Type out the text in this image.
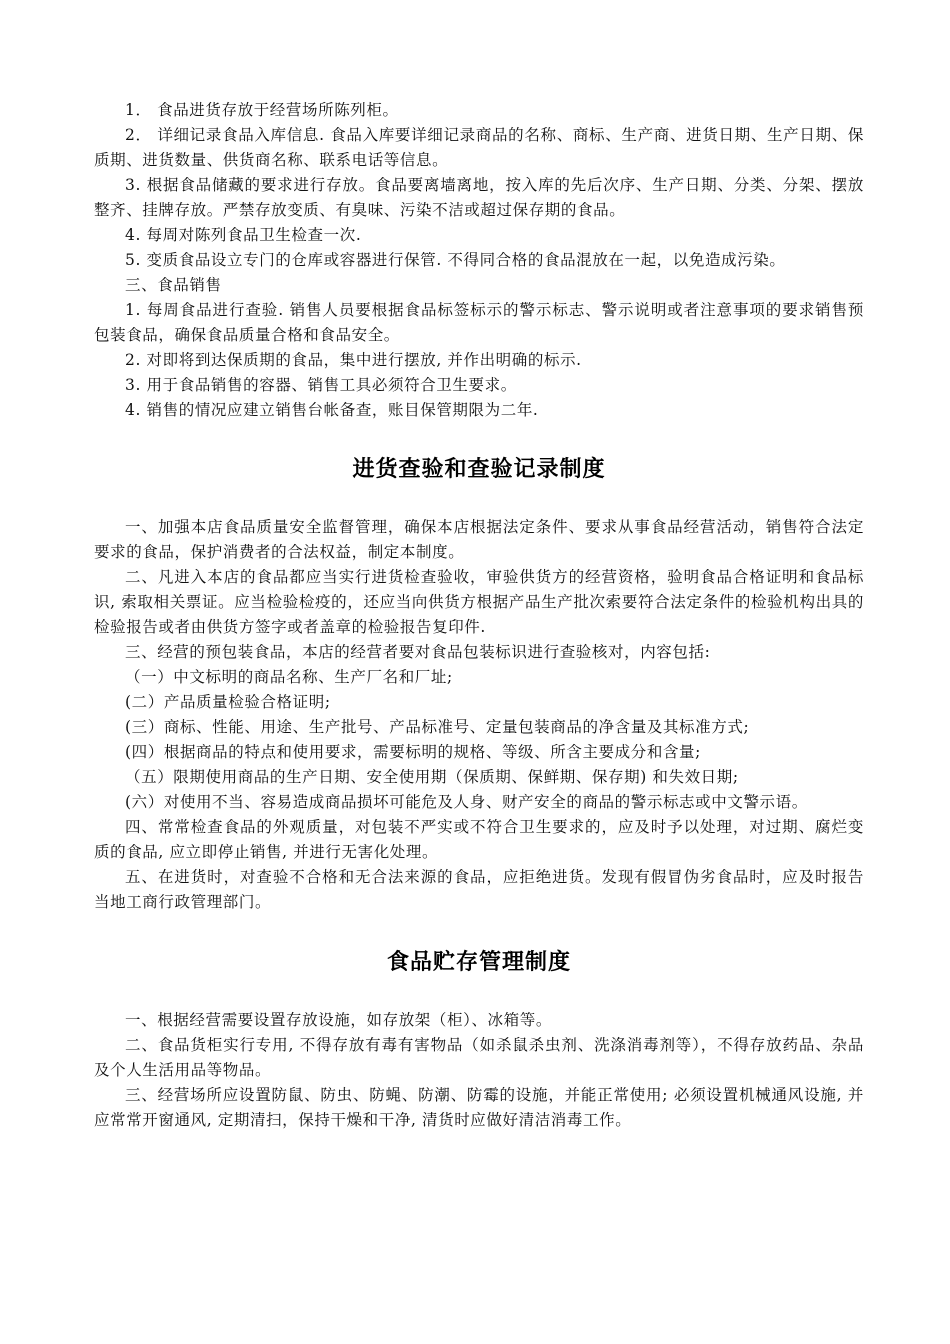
1． 食品进货存放于经营场所陈列柜。

2． 详细记录食品入库信息. 食品入库要详细记录商品的名称、商标、生产商、进货日期、生产日期、保质期、进货数量、供货商名称、联系电话等信息。

3. 根据食品储藏的要求进行存放。食品要离墙离地，按入库的先后次序、生产日期、分类、分架、摆放整齐、挂牌存放。严禁存放变质、有臭味、污染不洁或超过保存期的食品。

4. 每周对陈列食品卫生检查一次.

5. 变质食品设立专门的仓库或容器进行保管. 不得同合格的食品混放在一起，以免造成污染。

三、食品销售

1. 每周食品进行查验. 销售人员要根据食品标签标示的警示标志、警示说明或者注意事项的要求销售预包装食品，确保食品质量合格和食品安全。

2. 对即将到达保质期的食品，集中进行摆放, 并作出明确的标示.

3. 用于食品销售的容器、销售工具必须符合卫生要求。

4. 销售的情况应建立销售台帐备查，账目保管期限为二年.

进货查验和查验记录制度

一、加强本店食品质量安全监督管理，确保本店根据法定条件、要求从事食品经营活动，销售符合法定要求的食品，保护消费者的合法权益，制定本制度。

二、凡进入本店的食品都应当实行进货检查验收，审验供货方的经营资格，验明食品合格证明和食品标识, 索取相关票证。应当检验检疫的，还应当向供货方根据产品生产批次索要符合法定条件的检验机构出具的检验报告或者由供货方签字或者盖章的检验报告复印件.

三、经营的预包装食品，本店的经营者要对食品包装标识进行查验核对，内容包括:

（一）中文标明的商品名称、生产厂名和厂址;

(二）产品质量检验合格证明;

(三）商标、性能、用途、生产批号、产品标准号、定量包装商品的净含量及其标准方式;

(四）根据商品的特点和使用要求，需要标明的规格、等级、所含主要成分和含量;

（五）限期使用商品的生产日期、安全使用期（保质期、保鲜期、保存期) 和失效日期;

(六）对使用不当、容易造成商品损坏可能危及人身、财产安全的商品的警示标志或中文警示语。

四、常常检查食品的外观质量，对包装不严实或不符合卫生要求的，应及时予以处理，对过期、腐烂变质的食品, 应立即停止销售, 并进行无害化处理。

五、在进货时，对查验不合格和无合法来源的食品，应拒绝进货。发现有假冒伪劣食品时，应及时报告当地工商行政管理部门。

食品贮存管理制度

一、根据经营需要设置存放设施，如存放架（柜）、冰箱等。

二、食品货柜实行专用, 不得存放有毒有害物品（如杀鼠杀虫剂、洗涤消毒剂等），不得存放药品、杂品及个人生活用品等物品。

三、经营场所应设置防鼠、防虫、防蝇、防潮、防霉的设施，并能正常使用; 必须设置机械通风设施, 并应常常开窗通风, 定期清扫，保持干燥和干净, 清货时应做好清洁消毒工作。
